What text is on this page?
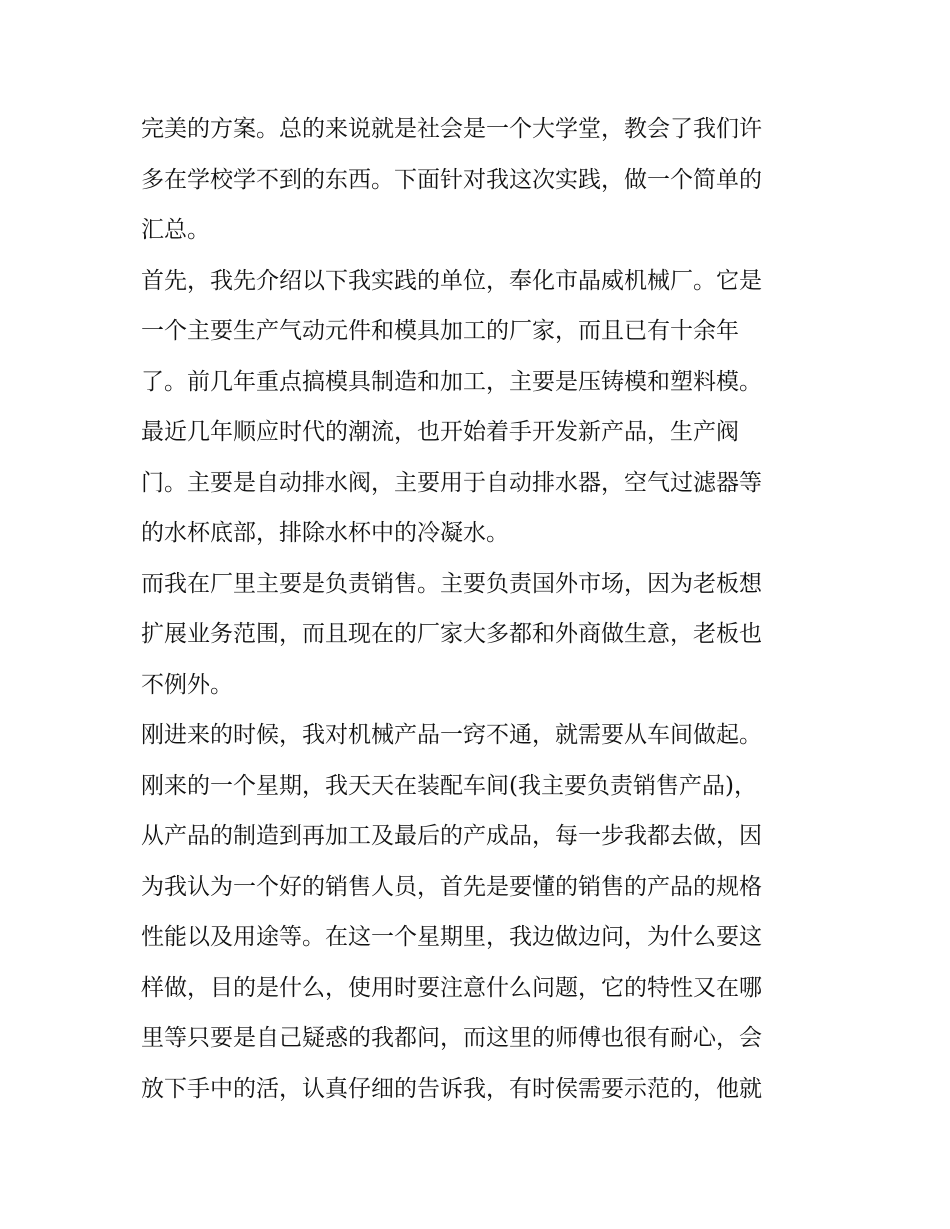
完美的方案。总的来说就是社会是一个大学堂，教会了我们许
多在学校学不到的东西。下面针对我这次实践，做一个简单的
汇总。
首先，我先介绍以下我实践的单位，奉化市晶威机械厂。它是
一个主要生产气动元件和模具加工的厂家，而且已有十余年
了。前几年重点搞模具制造和加工，主要是压铸模和塑料模。
最近几年顺应时代的潮流，也开始着手开发新产品，生产阀
门。主要是自动排水阀，主要用于自动排水器，空气过滤器等
的水杯底部，排除水杯中的冷凝水。
而我在厂里主要是负责销售。主要负责国外市场，因为老板想
扩展业务范围，而且现在的厂家大多都和外商做生意，老板也
不例外。
刚进来的时候，我对机械产品一窍不通，就需要从车间做起。
刚来的一个星期，我天天在装配车间(我主要负责销售产品)，
从产品的制造到再加工及最后的产成品，每一步我都去做，因
为我认为一个好的销售人员，首先是要懂的销售的产品的规格
性能以及用途等。在这一个星期里，我边做边问，为什么要这
样做，目的是什么，使用时要注意什么问题，它的特性又在哪
里等只要是自己疑惑的我都问，而这里的师傅也很有耐心，会
放下手中的活，认真仔细的告诉我，有时侯需要示范的，他就
